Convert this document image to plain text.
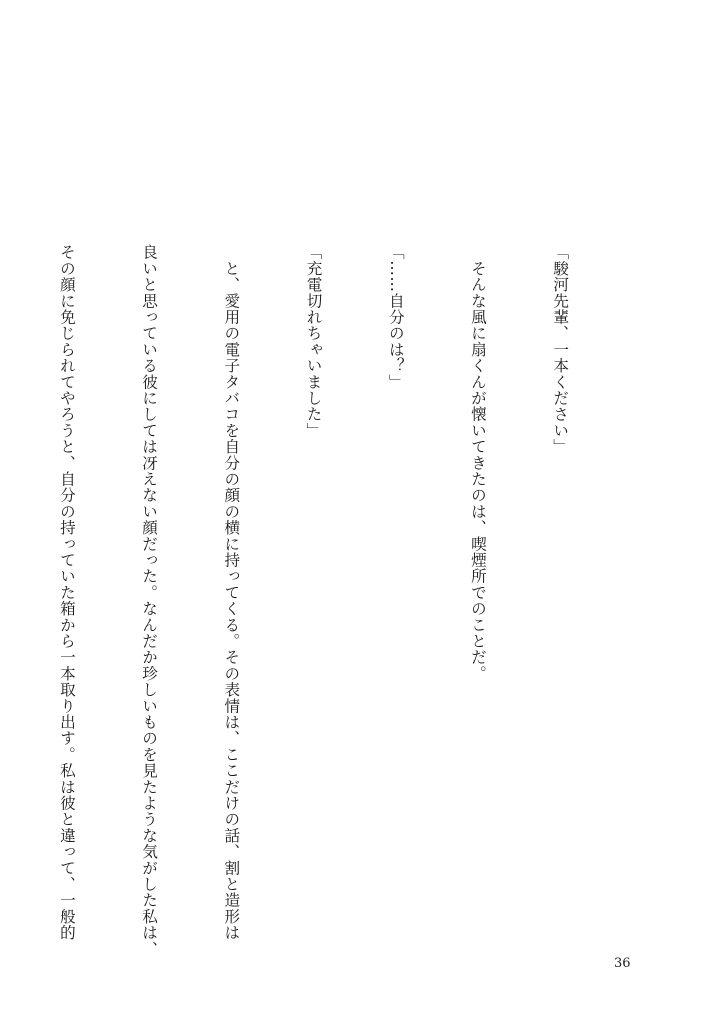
「駿河先輩、一本ください」

　そんな風に扇くんが懐いてきたのは、喫煙所でのことだ。

「……自分のは？」

「充電切れちゃいました」

　と、愛用の電子タバコを自分の顔の横に持ってくる。その表情は、ここだけの話、割と造形は

良いと思っている彼にしては冴えない顔だった。なんだか珍しいものを見たような気がした私は、

その顔に免じられてやろうと、自分の持っていた箱から一本取り出す。私は彼と違って、一般的

36
